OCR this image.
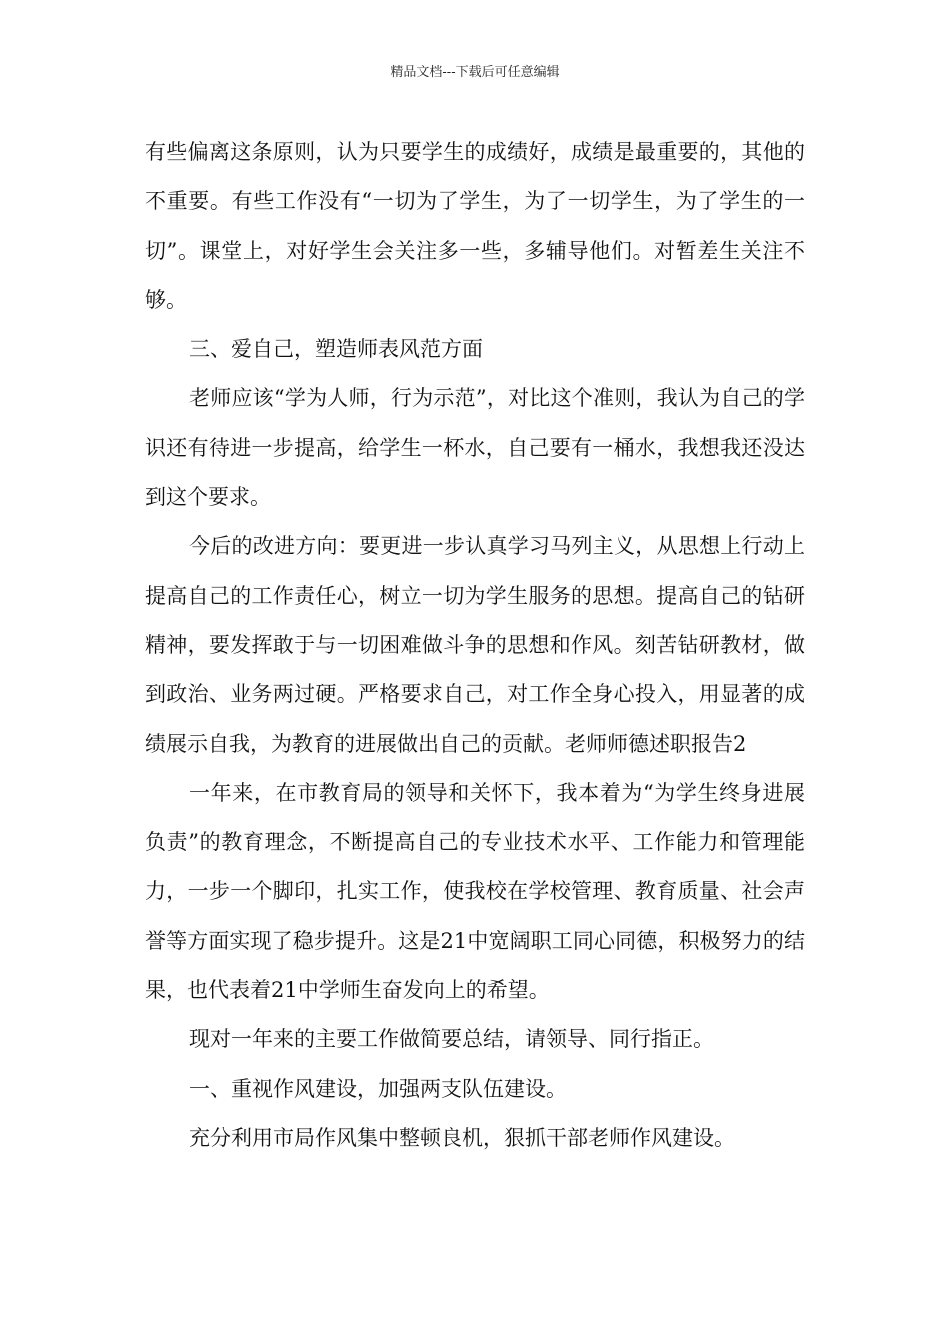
精品文档---下载后可任意编辑

有些偏离这条原则，认为只要学生的成绩好，成绩是最重要的，其他的不重要。有些工作没有“一切为了学生，为了一切学生，为了学生的一切”。课堂上，对好学生会关注多一些，多辅导他们。对暂差生关注不够。

三、爱自己，塑造师表风范方面

老师应该“学为人师，行为示范”，对比这个准则，我认为自己的学识还有待进一步提高，给学生一杯水，自己要有一桶水，我想我还没达到这个要求。

今后的改进方向：要更进一步认真学习马列主义，从思想上行动上提高自己的工作责任心，树立一切为学生服务的思想。提高自己的钻研精神，要发挥敢于与一切困难做斗争的思想和作风。刻苦钻研教材，做到政治、业务两过硬。严格要求自己，对工作全身心投入，用显著的成绩展示自我，为教育的进展做出自己的贡献。老师师德述职报告2

一年来，在市教育局的领导和关怀下，我本着为“为学生终身进展负责”的教育理念，不断提高自己的专业技术水平、工作能力和管理能力，一步一个脚印，扎实工作，使我校在学校管理、教育质量、社会声誉等方面实现了稳步提升。这是21中宽阔职工同心同德，积极努力的结果，也代表着21中学师生奋发向上的希望。

现对一年来的主要工作做简要总结，请领导、同行指正。

一、重视作风建设，加强两支队伍建设。

充分利用市局作风集中整顿良机，狠抓干部老师作风建设。
